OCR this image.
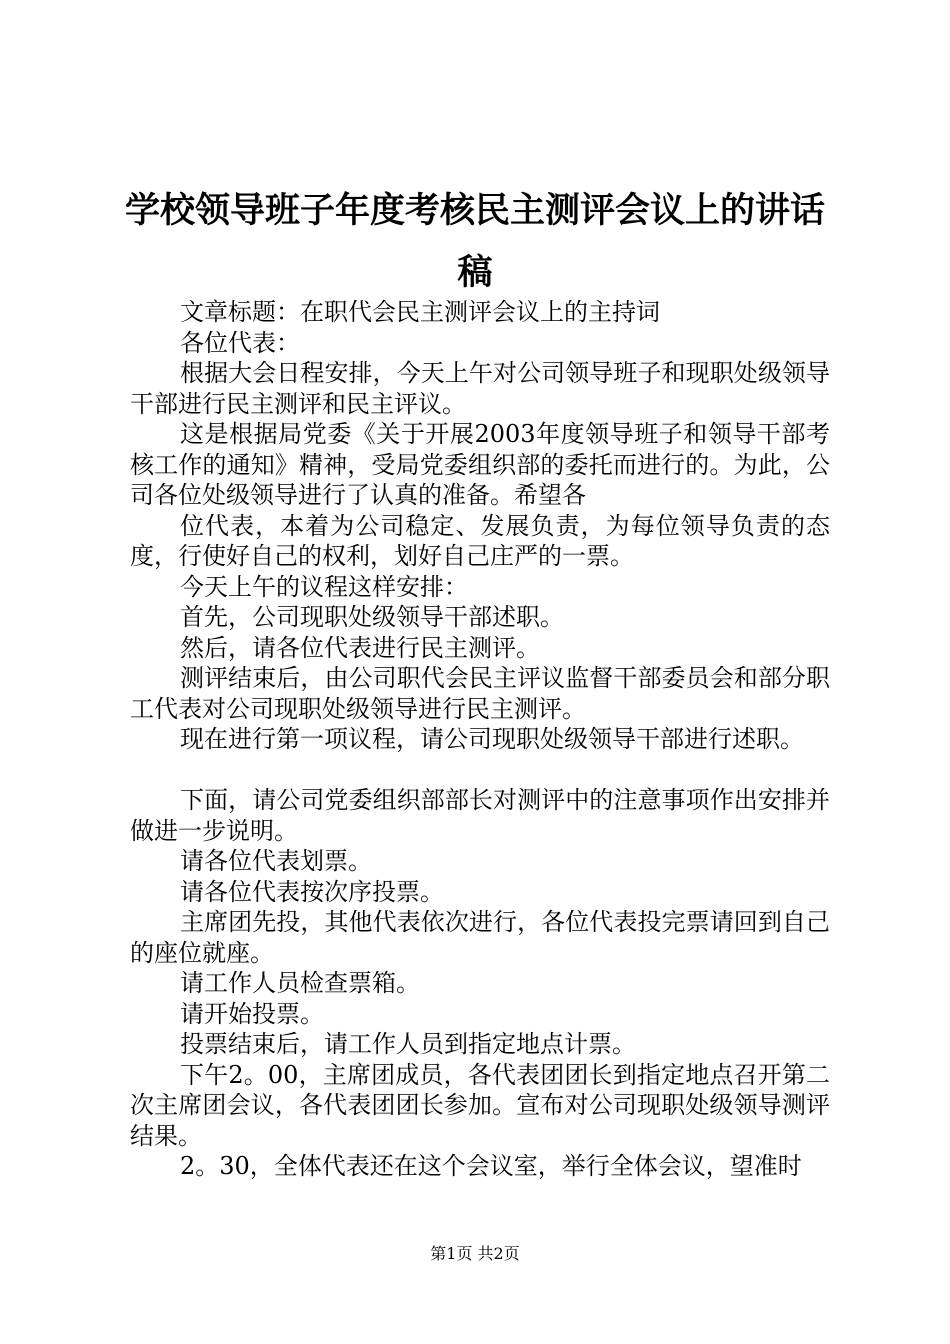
学校领导班子年度考核民主测评会议上的讲话
稿

文章标题：在职代会民主测评会议上的主持词

各位代表：

根据大会日程安排，今天上午对公司领导班子和现职处级领导干部进行民主测评和民主评议。

这是根据局党委《关于开展2003年度领导班子和领导干部考核工作的通知》精神，受局党委组织部的委托而进行的。为此，公司各位处级领导进行了认真的准备。希望各

位代表，本着为公司稳定、发展负责，为每位领导负责的态度，行使好自己的权利，划好自己庄严的一票。

今天上午的议程这样安排：

首先，公司现职处级领导干部述职。

然后，请各位代表进行民主测评。

测评结束后，由公司职代会民主评议监督干部委员会和部分职工代表对公司现职处级领导进行民主测评。

现在进行第一项议程，请公司现职处级领导干部进行述职。

下面，请公司党委组织部部长对测评中的注意事项作出安排并做进一步说明。

请各位代表划票。

请各位代表按次序投票。

主席团先投，其他代表依次进行，各位代表投完票请回到自己的座位就座。

请工作人员检查票箱。

请开始投票。

投票结束后，请工作人员到指定地点计票。

下午2。00，主席团成员，各代表团团长到指定地点召开第二次主席团会议，各代表团团长参加。宣布对公司现职处级领导测评结果。

2。30，全体代表还在这个会议室，举行全体会议，望准时

第1页 共2页
